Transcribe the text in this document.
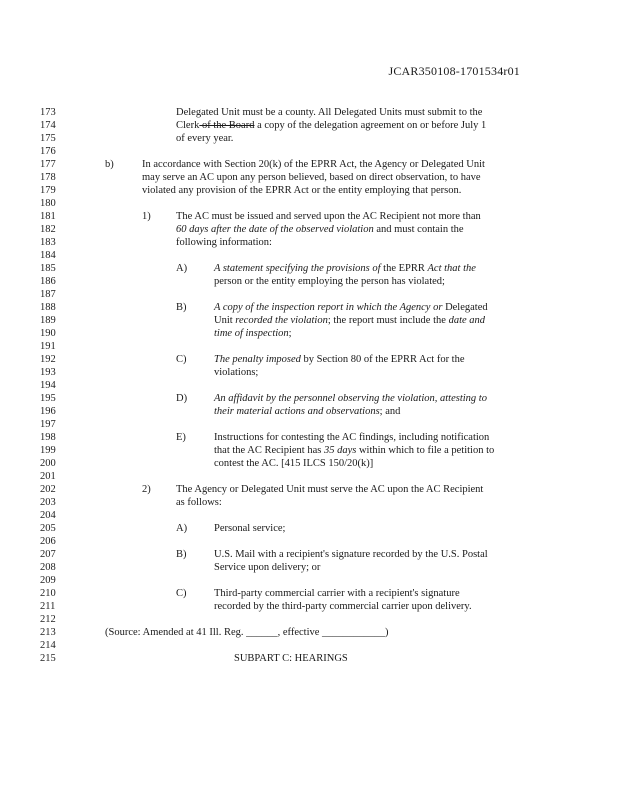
JCAR350108-1701534r01
173
174
175
176
177
178
179
180
181
182
183
184
185
186
187
188
189
190
191
192
193
194
195
196
197
198
199
200
201
202
203
204
205
206
207
208
209
210
211
212
213
214
215
Delegated Unit must be a county. All Delegated Units must submit to the
Clerk of the Board a copy of the delegation agreement on or before July 1
of every year.
b)	In accordance with Section 20(k) of the EPRR Act, the Agency or Delegated Unit
may serve an AC upon any person believed, based on direct observation, to have
violated any provision of the EPRR Act or the entity employing that person.
1) The AC must be issued and served upon the AC Recipient not more than
60 days after the date of the observed violation and must contain the
following information:
A)	A statement specifying the provisions of the EPRR Act that the
person or the entity employing the person has violated;
B)	A copy of the inspection report in which the Agency or Delegated
Unit recorded the violation; the report must include the date and
time of inspection;
C)	The penalty imposed by Section 80 of the EPRR Act for the
violations;
D)	An affidavit by the personnel observing the violation, attesting to
their material actions and observations; and
E)	Instructions for contesting the AC findings, including notification
that the AC Recipient has 35 days within which to file a petition to
contest the AC. [415 ILCS 150/20(k)]
2) The Agency or Delegated Unit must serve the AC upon the AC Recipient
as follows:
A)	Personal service;
B)	U.S. Mail with a recipient's signature recorded by the U.S. Postal
Service upon delivery; or
C)	Third-party commercial carrier with a recipient's signature
recorded by the third-party commercial carrier upon delivery.
(Source: Amended at 41 Ill. Reg. ______, effective ____________)
SUBPART C: HEARINGS
